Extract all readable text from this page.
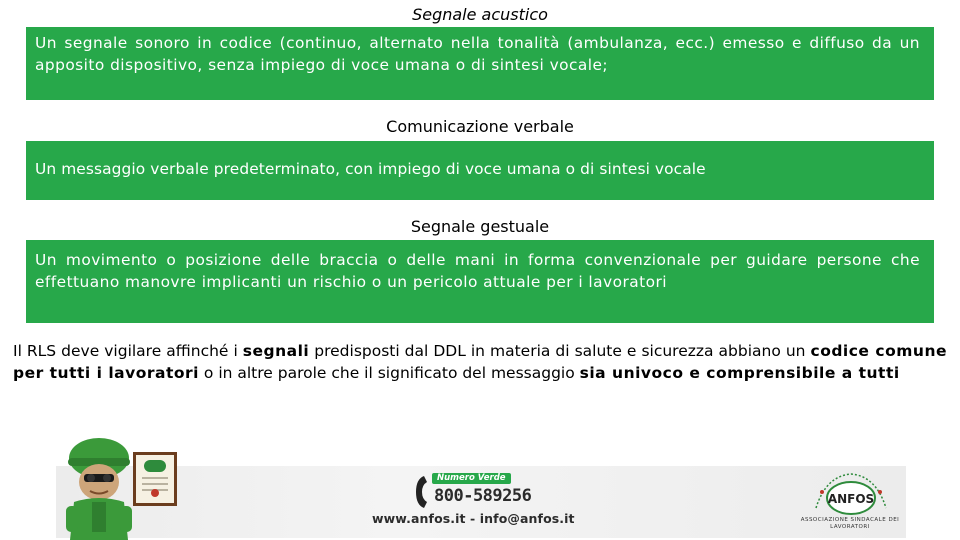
Segnale acustico
Un segnale sonoro in codice (continuo, alternato nella tonalità (ambulanza, ecc.) emesso e diffuso da un apposito dispositivo, senza impiego di voce umana o di sintesi vocale;
Comunicazione verbale
Un messaggio verbale predeterminato, con impiego di voce umana o di sintesi vocale
Segnale gestuale
Un movimento o posizione delle braccia o delle mani in forma convenzionale per guidare persone che effettuano manovre implicanti un rischio o un pericolo attuale per i lavoratori
Il RLS deve vigilare affinché i segnali predisposti dal DDL in materia di salute e sicurezza abbiano un codice comune per tutti i lavoratori o in altre parole che il significato del messaggio sia univoco e comprensibile a tutti
Numero Verde
800-589256
www.anfos.it - info@anfos.it
ANFOS
ASSOCIAZIONE SINDACALE DEI LAVORATORI
